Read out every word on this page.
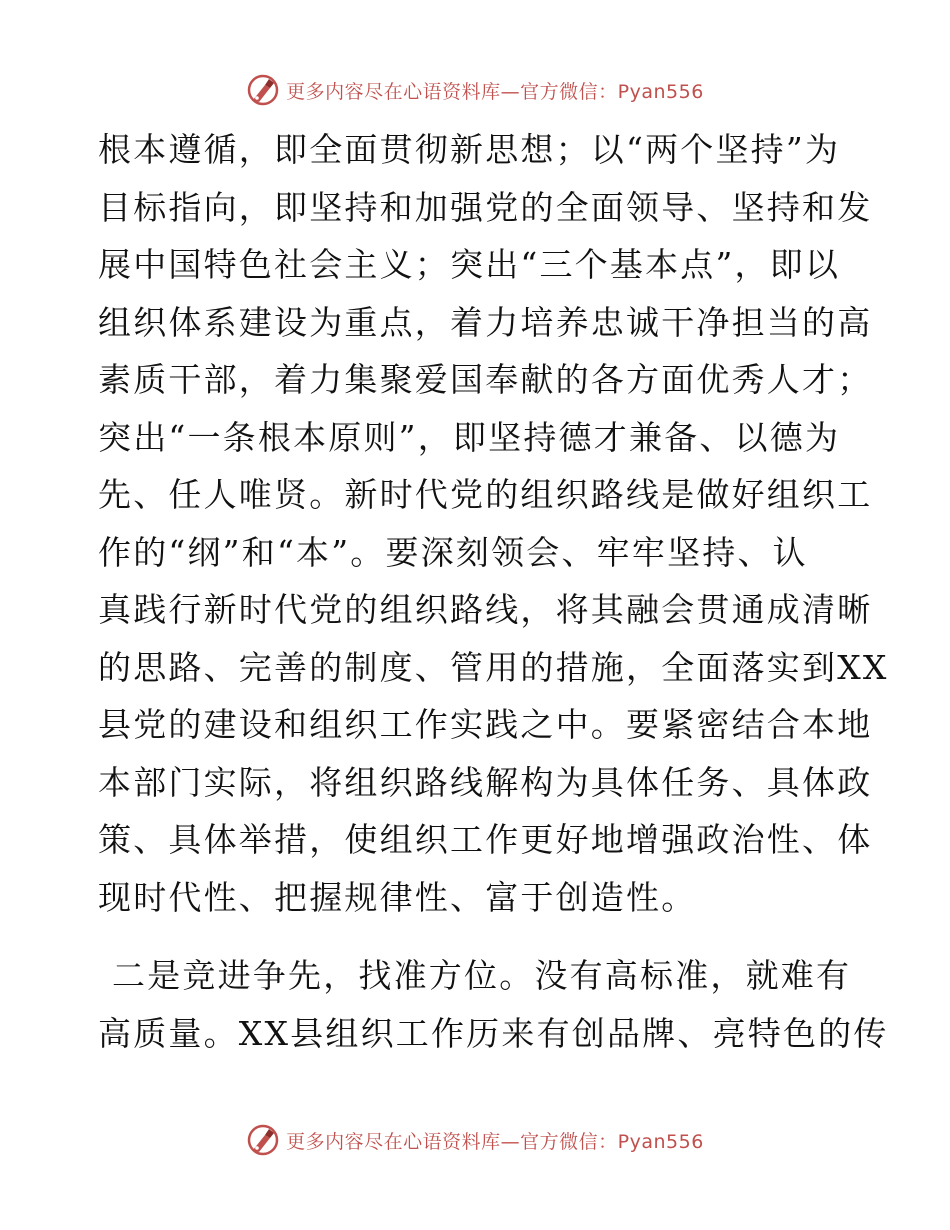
更多内容尽在心语资料库—官方微信：Pyan556
根本遵循，即全面贯彻新思想；以“两个坚持”为
目标指向，即坚持和加强党的全面领导、坚持和发
展中国特色社会主义；突出“三个基本点”，即以
组织体系建设为重点，着力培养忠诚干净担当的高
素质干部，着力集聚爱国奉献的各方面优秀人才；
突出“一条根本原则”，即坚持德才兼备、以德为
先、任人唯贤。新时代党的组织路线是做好组织工
作的“纲”和“本”。要深刻领会、牢牢坚持、认
真践行新时代党的组织路线，将其融会贯通成清晰
的思路、完善的制度、管用的措施，全面落实到XX
县党的建设和组织工作实践之中。要紧密结合本地
本部门实际，将组织路线解构为具体任务、具体政
策、具体举措，使组织工作更好地增强政治性、体
现时代性、把握规律性、富于创造性。
二是竞进争先，找准方位。没有高标准，就难有
高质量。XX县组织工作历来有创品牌、亮特色的传
更多内容尽在心语资料库—官方微信：Pyan556
